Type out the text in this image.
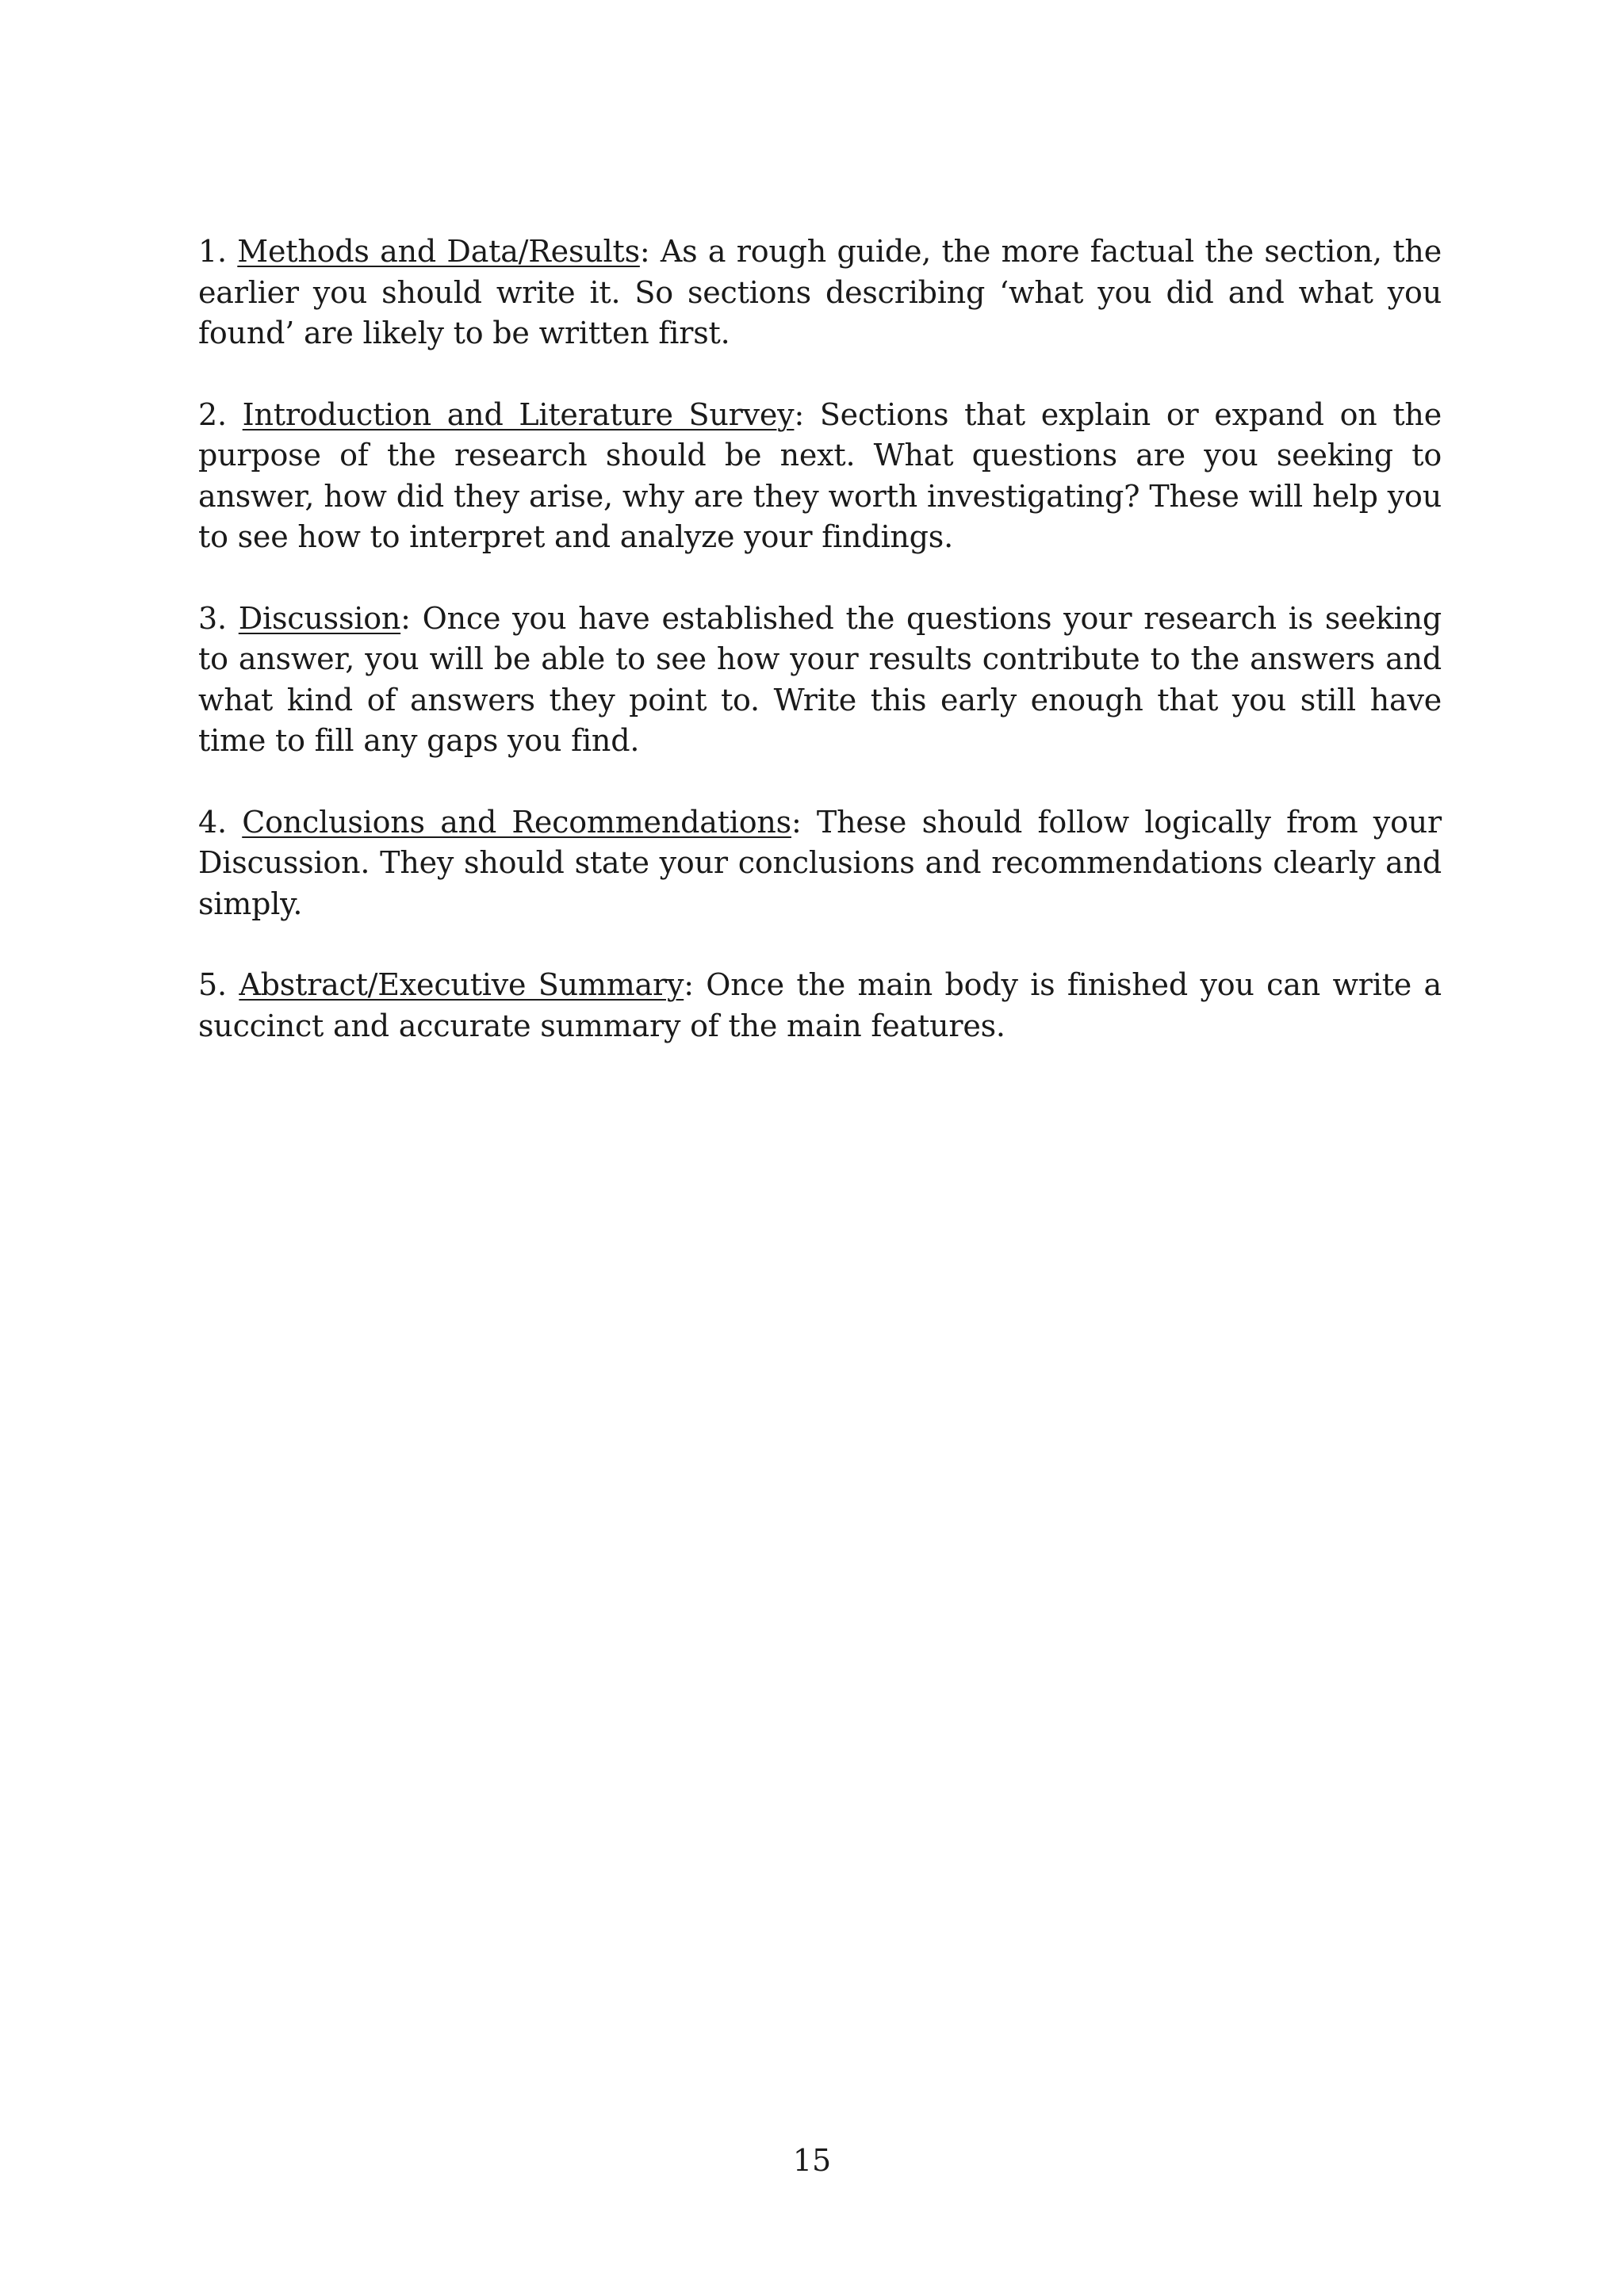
1. Methods and Data/Results: As a rough guide, the more factual the section, the earlier you should write it. So sections describing ‘what you did and what you found’ are likely to be written first.

2. Introduction and Literature Survey: Sections that explain or expand on the purpose of the research should be next. What questions are you seeking to answer, how did they arise, why are they worth investigating? These will help you to see how to interpret and analyze your findings.

3. Discussion: Once you have established the questions your research is seeking to answer, you will be able to see how your results contribute to the answers and what kind of answers they point to. Write this early enough that you still have time to fill any gaps you find.

4. Conclusions and Recommendations: These should follow logically from your Discussion. They should state your conclusions and recommendations clearly and simply.

5. Abstract/Executive Summary: Once the main body is finished you can write a succinct and accurate summary of the main features.

15
